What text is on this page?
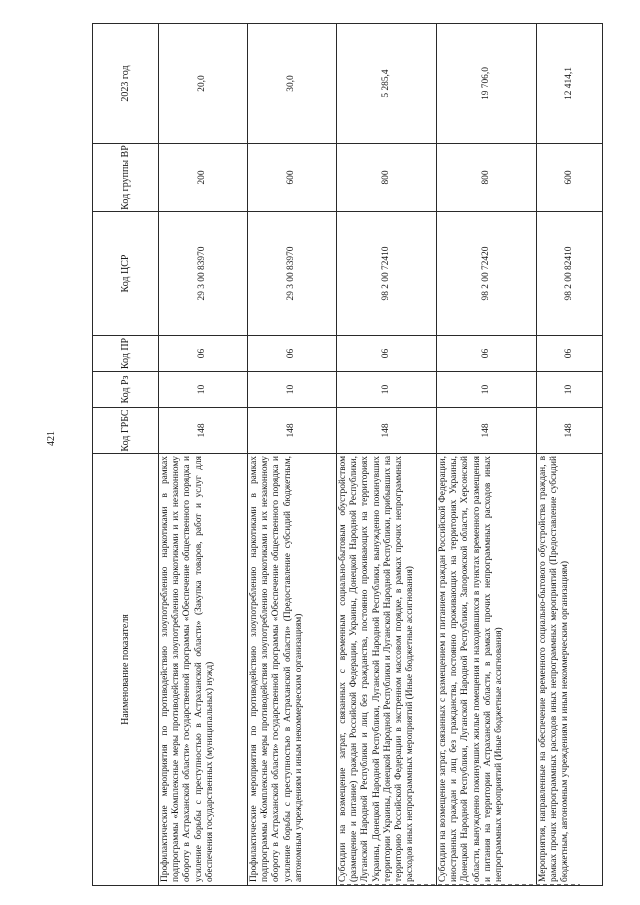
421
Наименование показателя	Код ГРБС	Код Рз	Код ПР	Код ЦСР	Код группы ВР	2023 год
Профилактические мероприятия по противодействию злоупотреблению наркотиками в рамках подпрограммы «Комплексные меры противодействия злоупотреблению наркотиками и их незаконному обороту в Астраханской области» государственной программы «Обеспечение общественного порядка и усиление борьбы с преступностью в Астраханской области» (Закупка товаров, работ и услуг для обеспечения государственных (муниципальных) нужд)	148	10	06	29 3 00 83970	200	20,0
Профилактические мероприятия по противодействию злоупотреблению наркотиками в рамках подпрограммы «Комплексные меры противодействия злоупотреблению наркотиками и их незаконному обороту в Астраханской области» государственной программы «Обеспечение общественного порядка и усиление борьбы с преступностью в Астраханской области» (Предоставление субсидий бюджетным, автономным учреждениям и иным некоммерческим организациям)	148	10	06	29 3 00 83970	600	30,0
Субсидии на возмещение затрат, связанных с временным социально-бытовым обустройством (размещение и питание) граждан Российской Федерации, Украины, Донецкой Народной Республики, Луганской Народной Республики и лиц без гражданства, постоянно проживающих на территориях Украины, Донецкой Народной Республики, Луганской Народной Республики, вынужденно покинувших территории Украины, Донецкой Народной Республики и Луганской Народной Республики, прибывших на территорию Российской Федерации в экстренном массовом порядке, в рамках прочих непрограммных расходов иных непрограммных мероприятий (Иные бюджетные ассигнования)	148	10	06	98 2 00 72410	800	5 285,4
Субсидии на возмещение затрат, связанных с размещением и питанием граждан Российской Федерации, иностранных граждан и лиц без гражданства, постоянно проживающих на территориях Украины, Донецкой Народной Республики, Луганской Народной Республики, Запорожской области, Херсонской области, вынужденно покинувших жилые помещения и находившихся в пунктах временного размещения и питания на территории Астраханской области, в рамках прочих непрограммных расходов иных непрограммных мероприятий (Иные бюджетные ассигнования)	148	10	06	98 2 00 72420	800	19 706,0
Мероприятия, направленные на обеспечение временного социально-бытового обустройства граждан, в рамках прочих непрограммных расходов иных непрограммных мероприятий (Предоставление субсидий бюджетным, автономным учреждениям и иным некоммерческим организациям)	148	10	06	98 2 00 82410	600	12 414,1
